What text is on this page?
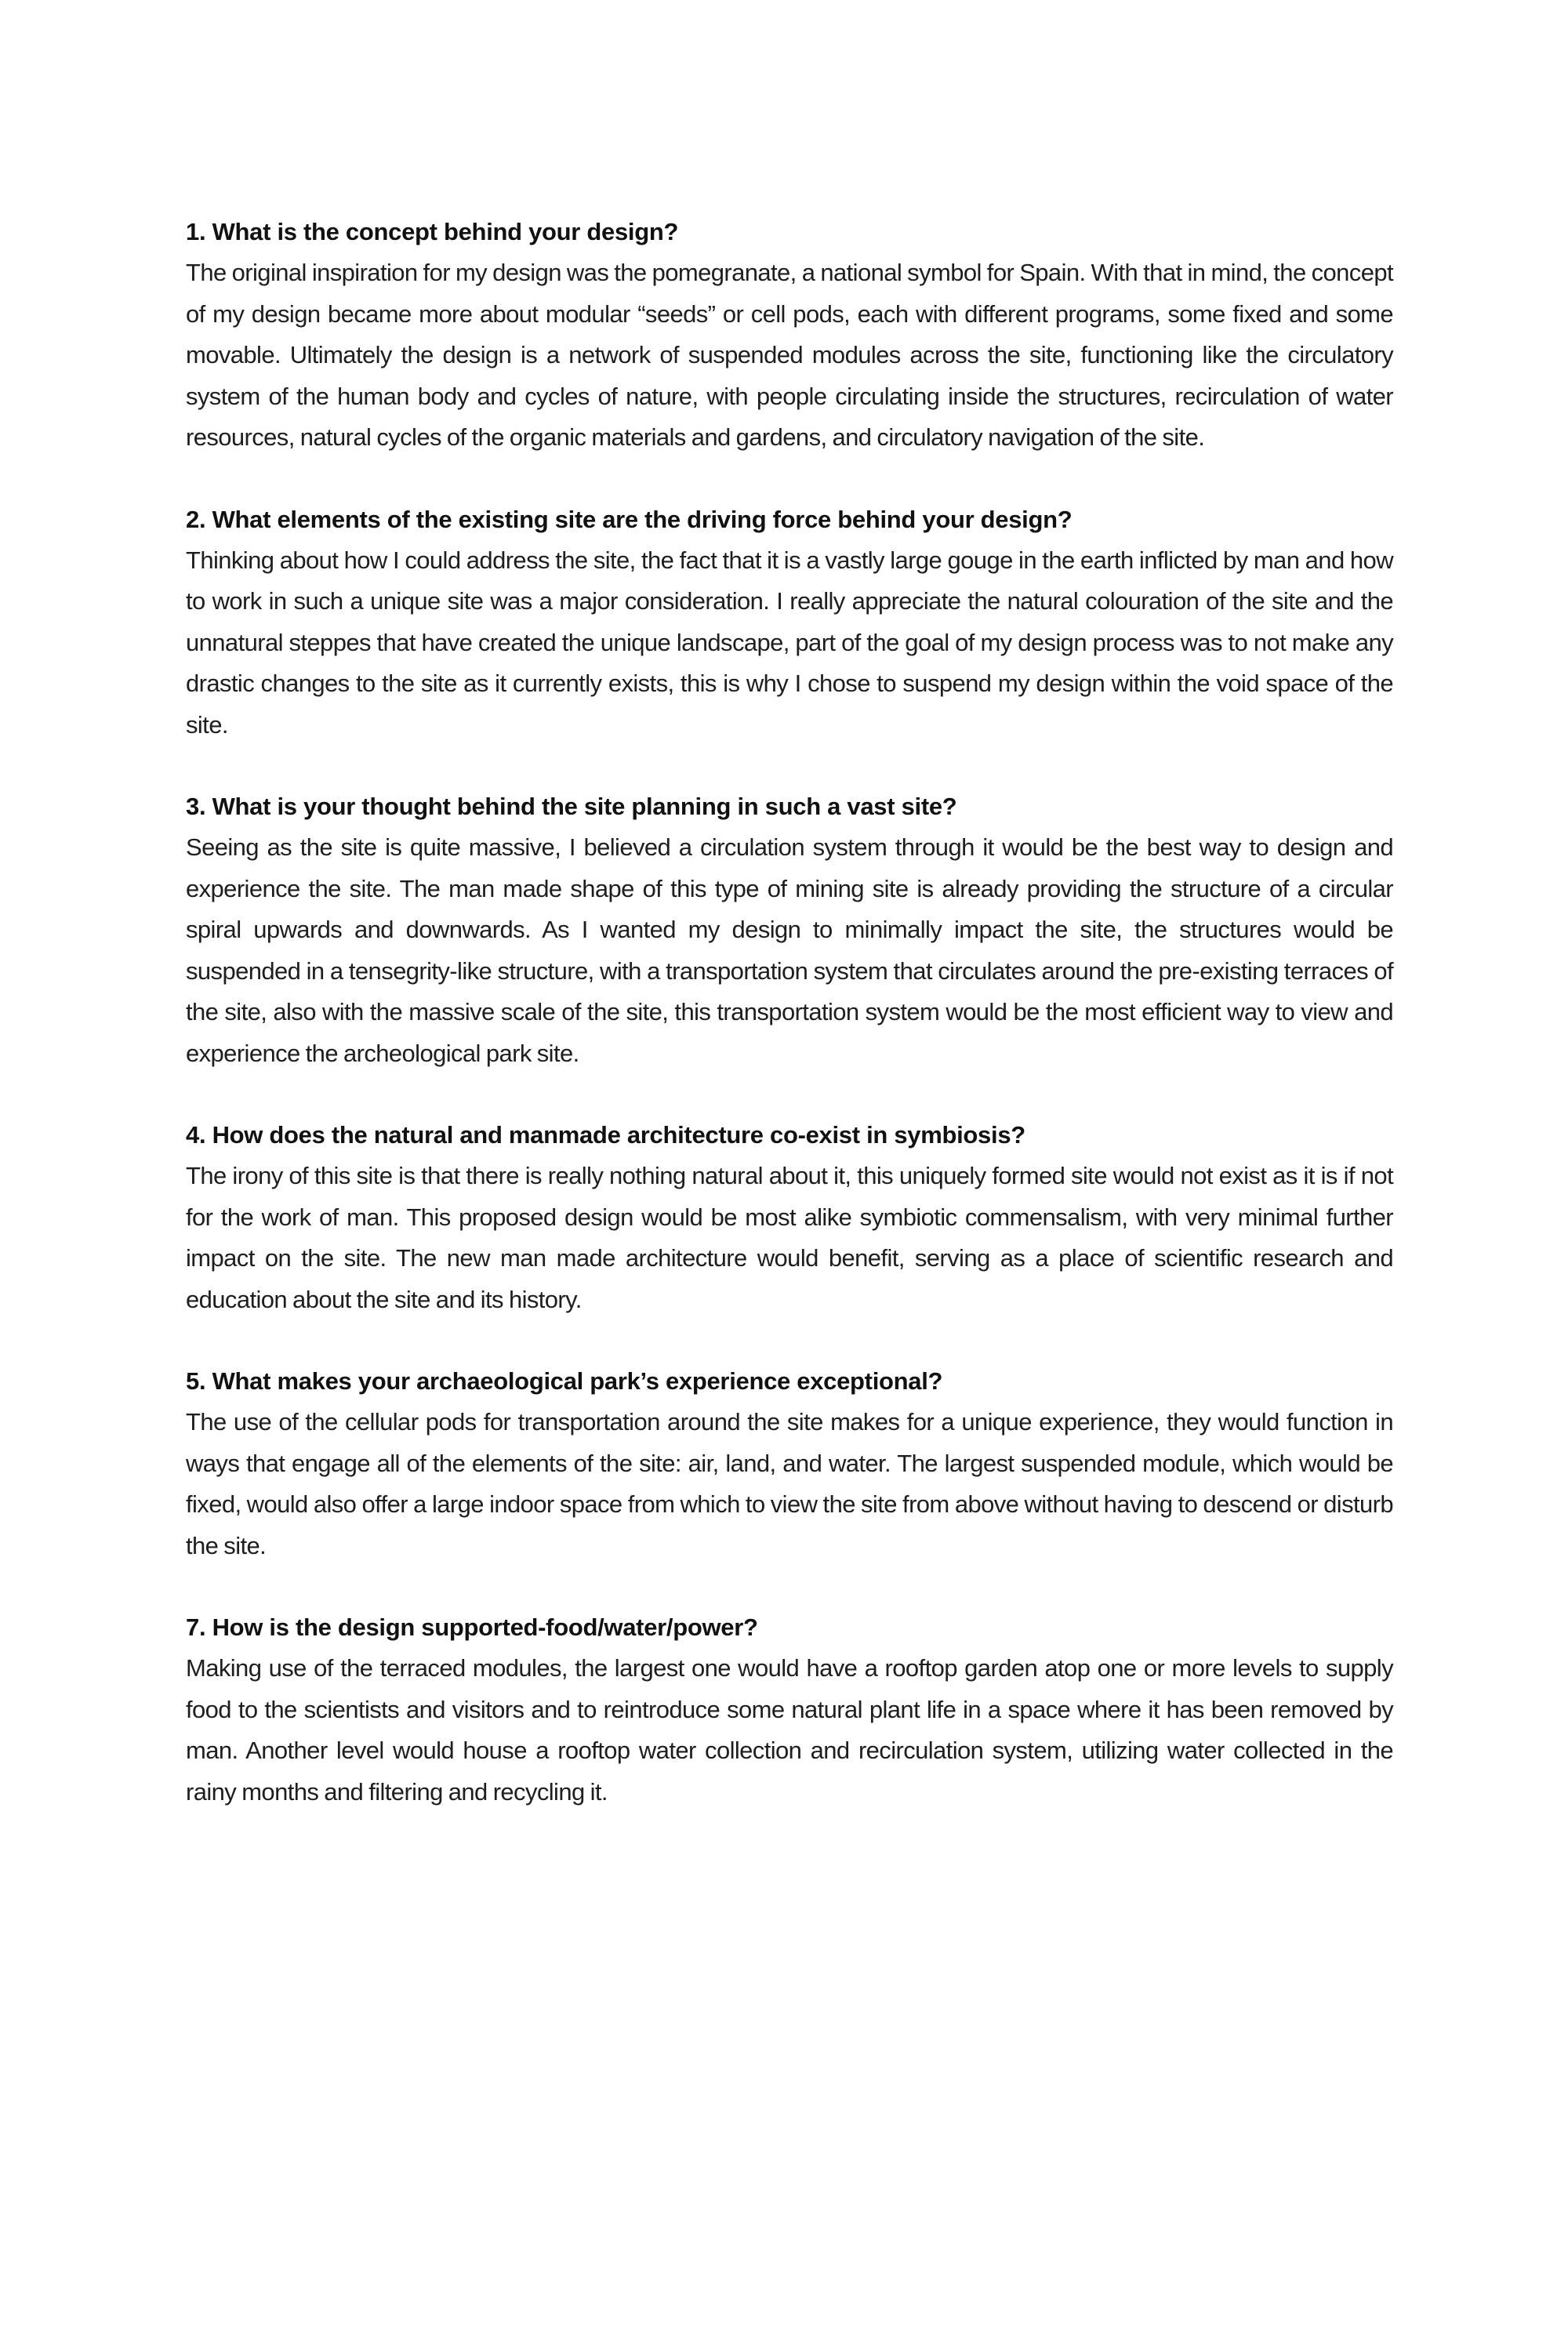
1. What is the concept behind your design?

The original inspiration for my design was the pomegranate, a national symbol for Spain. With that in mind, the concept of my design became more about modular “seeds” or cell pods, each with different programs, some fixed and some movable. Ultimately the design is a network of suspended modules across the site, functioning like the circulatory system of the human body and cycles of nature, with people circulating inside the structures, recirculation of water resources, natural cycles of the organic materials and gardens, and circulatory navigation of the site.

2. What elements of the existing site are the driving force behind your design?

Thinking about how I could address the site, the fact that it is a vastly large gouge in the earth inflicted by man and how to work in such a unique site was a major consideration. I really appreciate the natural colouration of the site and the unnatural steppes that have created the unique landscape, part of the goal of my design process was to not make any drastic changes to the site as it currently exists, this is why I chose to suspend my design within the void space of the site.

3. What is your thought behind the site planning in such a vast site?

Seeing as the site is quite massive, I believed a circulation system through it would be the best way to design and experience the site. The man made shape of this type of mining site is already providing the structure of a circular spiral upwards and downwards. As I wanted my design to minimally impact the site, the structures would be suspended in a tensegrity-like structure, with a transportation system that circulates around the pre-existing terraces of the site, also with the massive scale of the site, this transportation system would be the most efficient way to view and experience the archeological park site.

4. How does the natural and manmade architecture co-exist in symbiosis?

The irony of this site is that there is really nothing natural about it, this uniquely formed site would not exist as it is if not for the work of man. This proposed design would be most alike symbiotic commensalism, with very minimal further impact on the site. The new man made architecture would benefit, serving as a place of scientific research and education about the site and its history.

5. What makes your archaeological park’s experience exceptional?

The use of the cellular pods for transportation around the site makes for a unique experience, they would function in ways that engage all of the elements of the site: air, land, and water. The largest suspended module, which would be fixed, would also offer a large indoor space from which to view the site from above without having to descend or disturb the site.

7. How is the design supported-food/water/power?

Making use of the terraced modules, the largest one would have a rooftop garden atop one or more levels to supply food to the scientists and visitors and to reintroduce some natural plant life in a space where it has been removed by man. Another level would house a rooftop water collection and recirculation system, utilizing water collected in the rainy months and filtering and recycling it.
